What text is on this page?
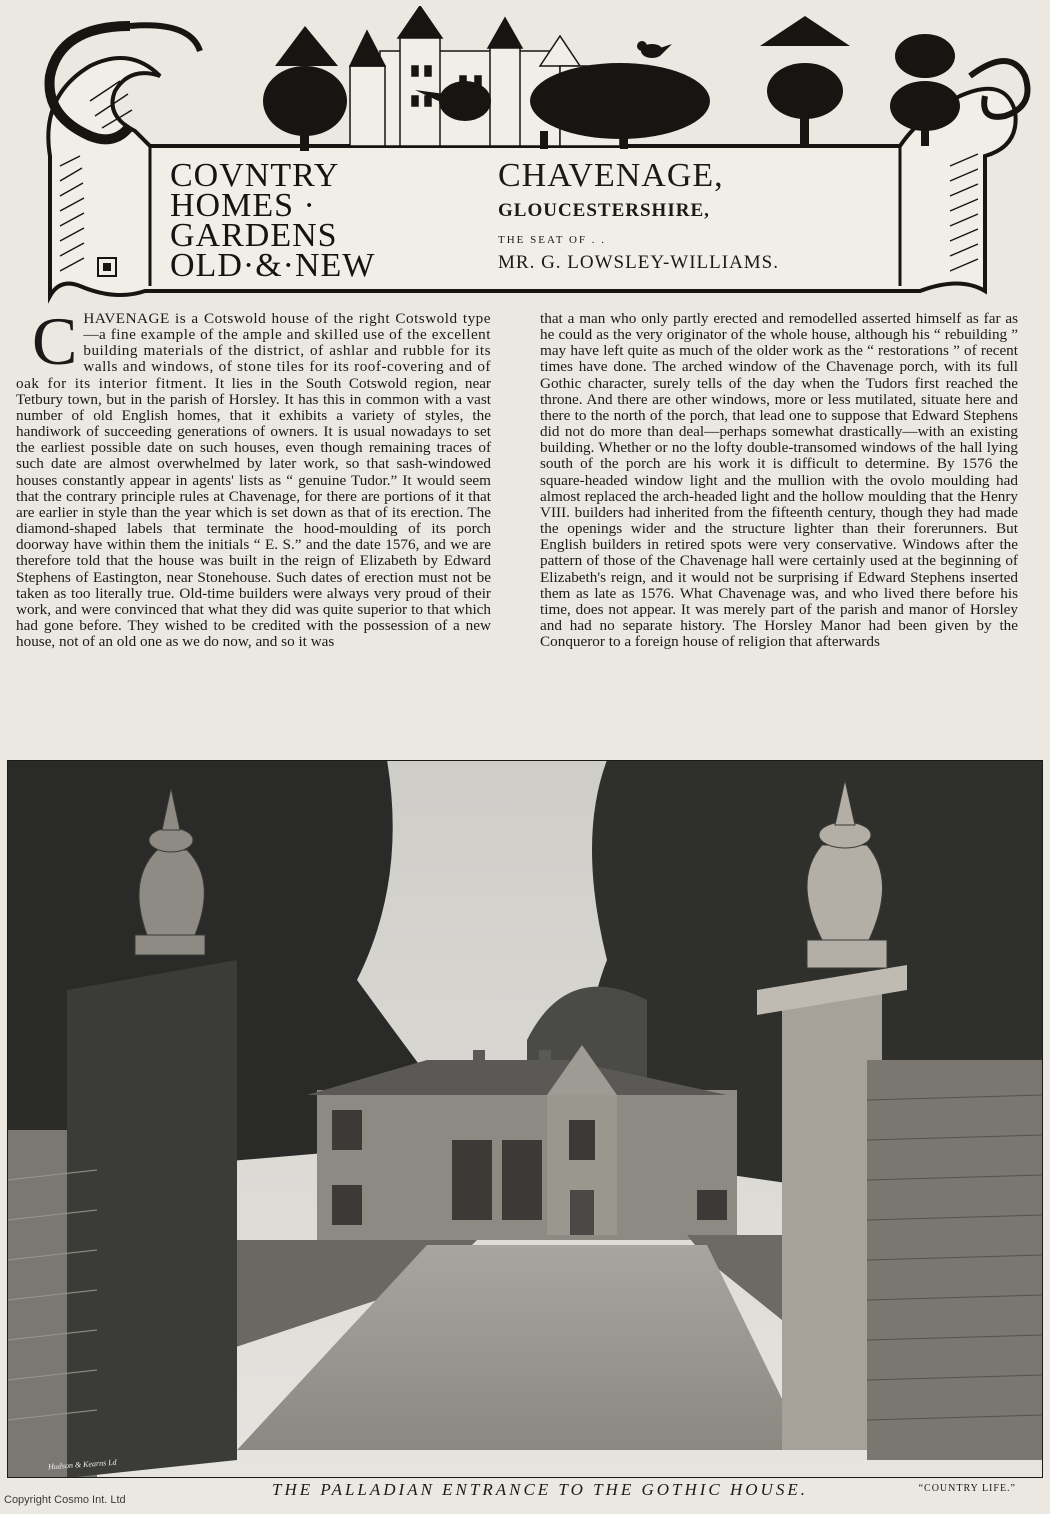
COVNTRY
HOMES ·
GARDENS
OLD·&·NEW
CHAVENAGE,
GLOUCESTERSHIRE,
THE SEAT OF . .
MR. G. LOWSLEY-WILLIAMS.

CHAVENAGE is a Cotswold house of the right Cotswold type—a fine example of the ample and skilled use of the excellent building materials of the district, of ashlar and rubble for its walls and windows, of stone tiles for its roof-covering and of oak for its interior fitment. It lies in the South Cotswold region, near Tetbury town, but in the parish of Horsley. It has this in common with a vast number of old English homes, that it exhibits a variety of styles, the handiwork of succeeding generations of owners. It is usual nowadays to set the earliest possible date on such houses, even though remaining traces of such date are almost overwhelmed by later work, so that sash-windowed houses constantly appear in agents' lists as “ genuine Tudor.” It would seem that the contrary principle rules at Chavenage, for there are portions of it that are earlier in style than the year which is set down as that of its erection. The diamond-shaped labels that terminate the hood-moulding of its porch doorway have within them the initials “ E. S.” and the date 1576, and we are therefore told that the house was built in the reign of Elizabeth by Edward Stephens of Eastington, near Stonehouse. Such dates of erection must not be taken as too literally true. Old-time builders were always very proud of their work, and were convinced that what they did was quite superior to that which had gone before. They wished to be credited with the possession of a new house, not of an old one as we do now, and so it was

that a man who only partly erected and remodelled asserted himself as far as he could as the very originator of the whole house, although his “ rebuilding ” may have left quite as much of the older work as the “ restorations ” of recent times have done. The arched window of the Chavenage porch, with its full Gothic character, surely tells of the day when the Tudors first reached the throne. And there are other windows, more or less mutilated, situate here and there to the north of the porch, that lead one to suppose that Edward Stephens did not do more than deal—perhaps somewhat drastically—with an existing building. Whether or no the lofty double-transomed windows of the hall lying south of the porch are his work it is difficult to determine. By 1576 the square-headed window light and the mullion with the ovolo moulding had almost replaced the arch-headed light and the hollow moulding that the Henry VIII. builders had inherited from the fifteenth century, though they had made the openings wider and the structure lighter than their forerunners. But English builders in retired spots were very conservative. Windows after the pattern of those of the Chavenage hall were certainly used at the beginning of Elizabeth's reign, and it would not be surprising if Edward Stephens inserted them as late as 1576. What Chavenage was, and who lived there before his time, does not appear. It was merely part of the parish and manor of Horsley and had no separate history. The Horsley Manor had been given by the Conqueror to a foreign house of religion that afterwards

Hudson & Kearns Ld
THE PALLADIAN ENTRANCE TO THE GOTHIC HOUSE.	“COUNTRY LIFE.”
Copyright Cosmo Int. Ltd
